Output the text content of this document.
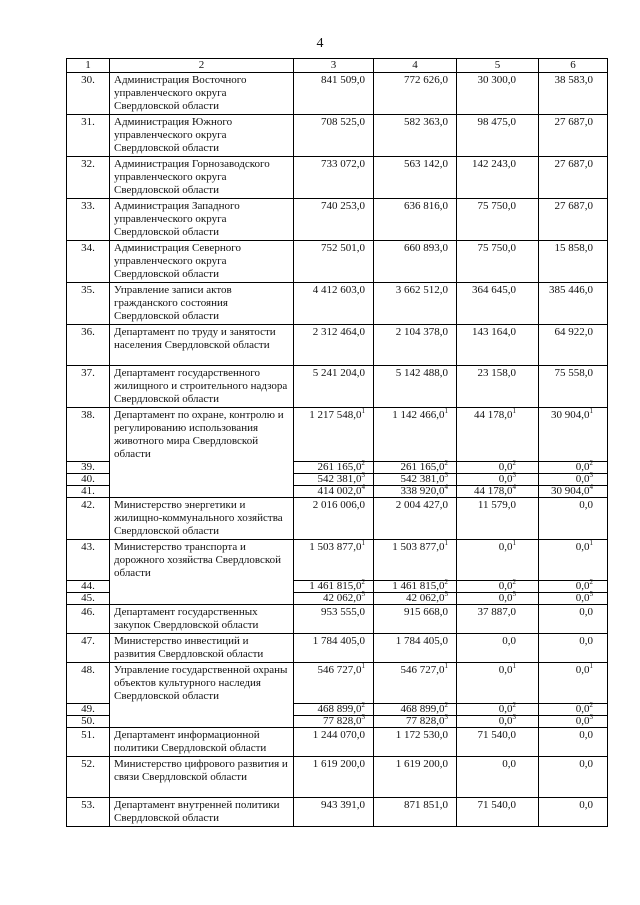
4
1	2	3	4	5	6
30.	Администрация Восточного управленческого округа Свердловской области	841 509,0	772 626,0	30 300,0	38 583,0
31.	Администрация Южного управленческого округа Свердловской области	708 525,0	582 363,0	98 475,0	27 687,0
32.	Администрация Горнозаводского управленческого округа Свердловской области	733 072,0	563 142,0	142 243,0	27 687,0
33.	Администрация Западного управленческого округа Свердловской области	740 253,0	636 816,0	75 750,0	27 687,0
34.	Администрация Северного управленческого округа Свердловской области	752 501,0	660 893,0	75 750,0	15 858,0
35.	Управление записи актов гражданского состояния Свердловской области	4 412 603,0	3 662 512,0	364 645,0	385 446,0
36.	Департамент по труду и занятости населения Свердловской области	2 312 464,0	2 104 378,0	143 164,0	64 922,0
37.	Департамент государственного жилищного и строительного надзора Свердловской области	5 241 204,0	5 142 488,0	23 158,0	75 558,0
38.	Департамент по охране, контролю и регулированию использования животного мира Свердловской области	1 217 548,0$^1$	1 142 466,0$^1$	44 178,0$^1$	30 904,0$^1$
39.		261 165,0$^2$	261 165,0$^2$	$0,0^2$	$0,0^2$
40.		542 381,0$^3$	542 381,0$^3$	$0,0^3$	$0,0^3$
41.		414 002,0$^4$	338 920,0$^4$	44 178,0$^4$	30 904,0$^4$
42.	Министерство энергетики и жилищно-коммунального хозяйства Свердловской области	2 016 006,0	2 004 427,0	11 579,0	0,0
43.	Министерство транспорта и дорожного хозяйства Свердловской области	1 503 877,0$^1$	1 503 877,0$^1$	$0,0^1$	$0,0^1$
44.		1 461 815,0$^2$	1 461 815,0$^2$	$0,0^2$	$0,0^2$
45.		42 062,0$^5$	42 062,0$^5$	$0,0^5$	$0,0^5$
46.	Департамент государственных закупок Свердловской области	953 555,0	915 668,0	37 887,0	0,0
47.	Министерство инвестиций и развития Свердловской области	1 784 405,0	1 784 405,0	0,0	0,0
48.	Управление государственной охраны объектов культурного наследия Свердловской области	546 727,0$^1$	546 727,0$^1$	$0,0^1$	$0,0^1$
49.		468 899,0$^2$	468 899,0$^2$	$0,0^2$	$0,0^2$
50.		77 828,0$^3$	77 828,0$^3$	$0,0^3$	$0,0^3$
51.	Департамент информационной политики Свердловской области	1 244 070,0	1 172 530,0	71 540,0	0,0
52.	Министерство цифрового развития и связи Свердловской области	1 619 200,0	1 619 200,0	0,0	0,0
53.	Департамент внутренней политики Свердловской области	943 391,0	871 851,0	71 540,0	0,0
